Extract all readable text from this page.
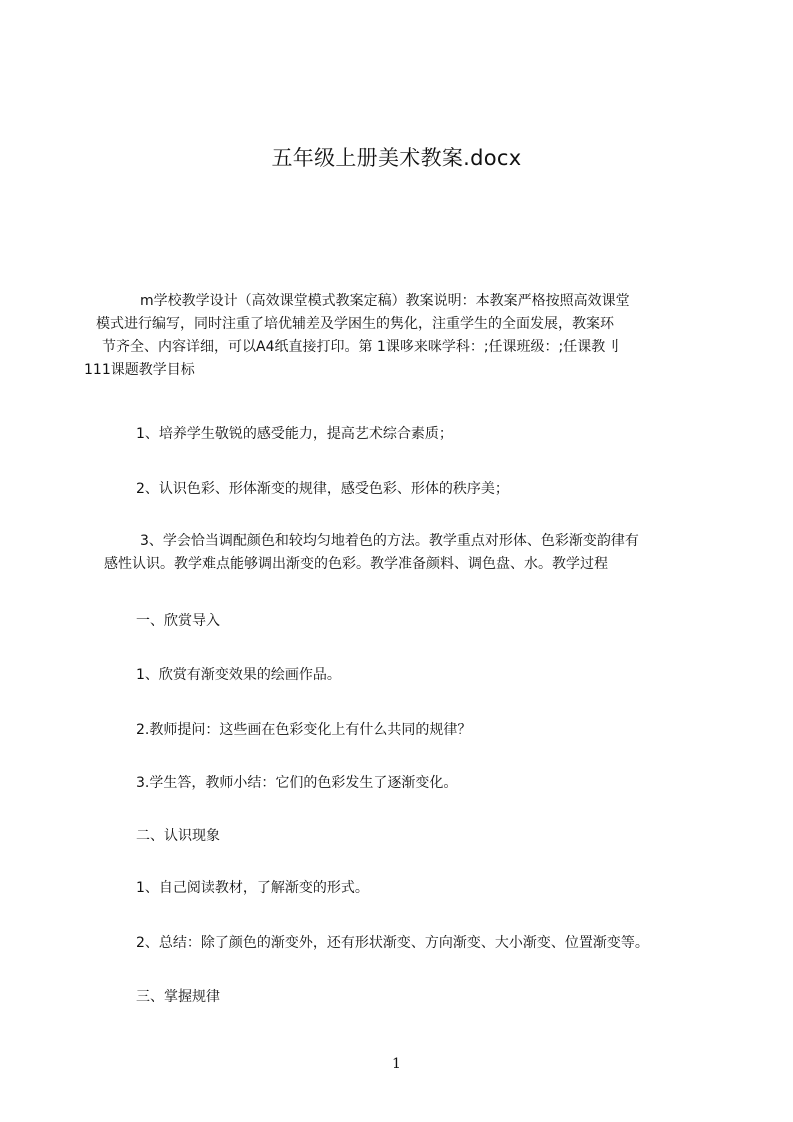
五年级上册美术教案.docx
m学校教学设计（高效课堂模式教案定稿）教案说明：本教案严格按照高效课堂
模式进行编写，同时注重了培优辅差及学困生的隽化，注重学生的全面发展，教案环
节齐全、内容详细，可以A4纸直接打印。第 1课哆来咪学科：;任课班级：;任课教刂
111课题教学目标
1、培养学生敬锐的感受能力，提高艺术综合素质；
2、认识色彩、形体渐变的规律，感受色彩、形体的秩序美；
3、学会恰当调配颜色和较均匀地着色的方法。教学重点对形体、色彩渐变韵律有
感性认识。教学难点能够调出渐变的色彩。教学准备颜料、调色盘、水。教学过程
一、欣赏导入
1、欣赏有渐变效果的绘画作品。
2.教师提问：这些画在色彩变化上有什么共同的规律？
3.学生答，教师小结：它们的色彩发生了逐渐变化。
二、认识现象
1、自己阅读教材，了解渐变的形式。
2、总结：除了颜色的渐变外，还有形状渐变、方向渐变、大小渐变、位置渐变等。
三、掌握规律
1
